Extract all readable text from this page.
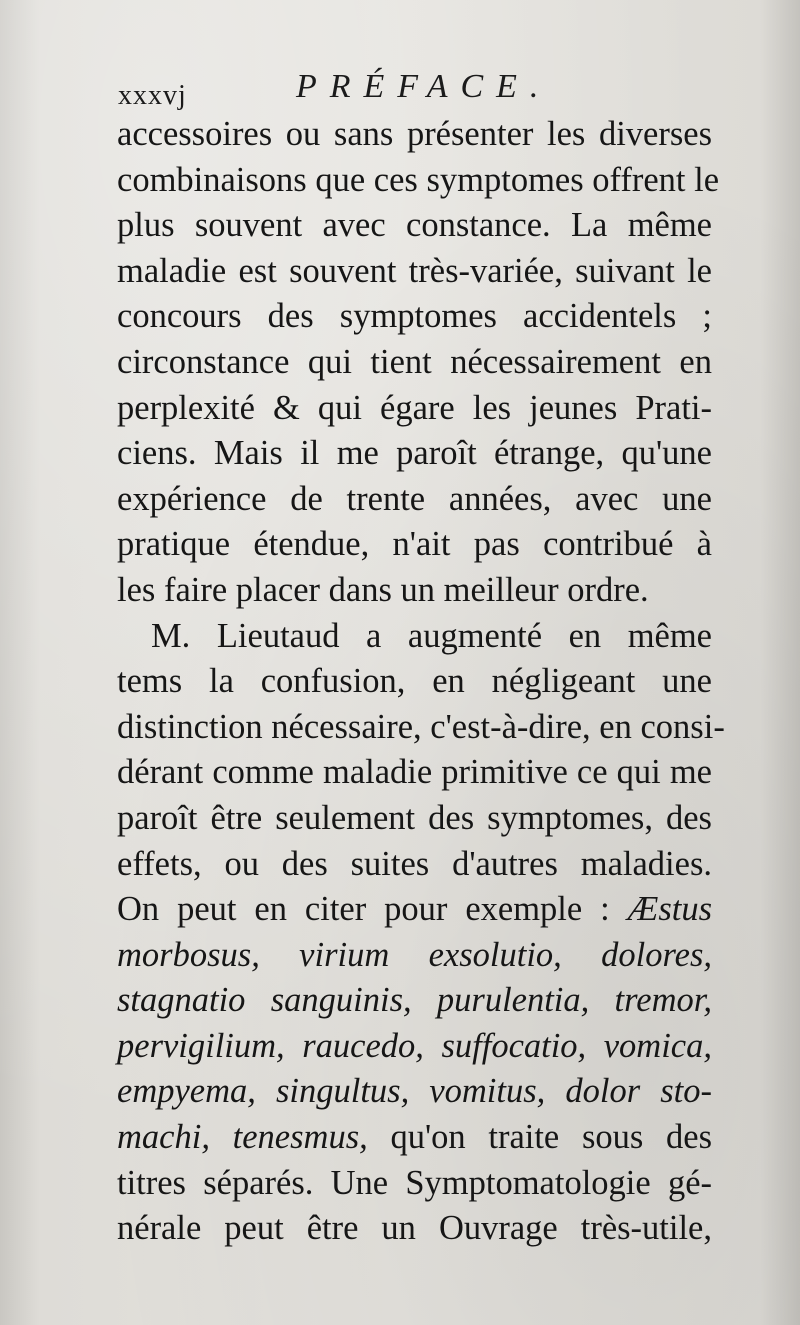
xxxvj	PRÉFACE.
accessoires ou sans présenter les diverses
combinaisons que ces symptomes offrent le
plus souvent avec constance. La même
maladie est souvent très-variée, suivant le
concours des symptomes accidentels ;
circonstance qui tient nécessairement en
perplexité & qui égare les jeunes Prati-
ciens. Mais il me paroît étrange, qu'une
expérience de trente années, avec une
pratique étendue, n'ait pas contribué à
les faire placer dans un meilleur ordre.
M. Lieutaud a augmenté en même
tems la confusion, en négligeant une
distinction nécessaire, c'est-à-dire, en consi-
dérant comme maladie primitive ce qui me
paroît être seulement des symptomes, des
effets, ou des suites d'autres maladies.
On peut en citer pour exemple : Æstus
morbosus, virium exsolutio, dolores,
stagnatio sanguinis, purulentia, tremor,
pervigilium, raucedo, suffocatio, vomica,
empyema, singultus, vomitus, dolor sto-
machi, tenesmus, qu'on traite sous des
titres séparés. Une Symptomatologie gé-
nérale peut être un Ouvrage très-utile,
